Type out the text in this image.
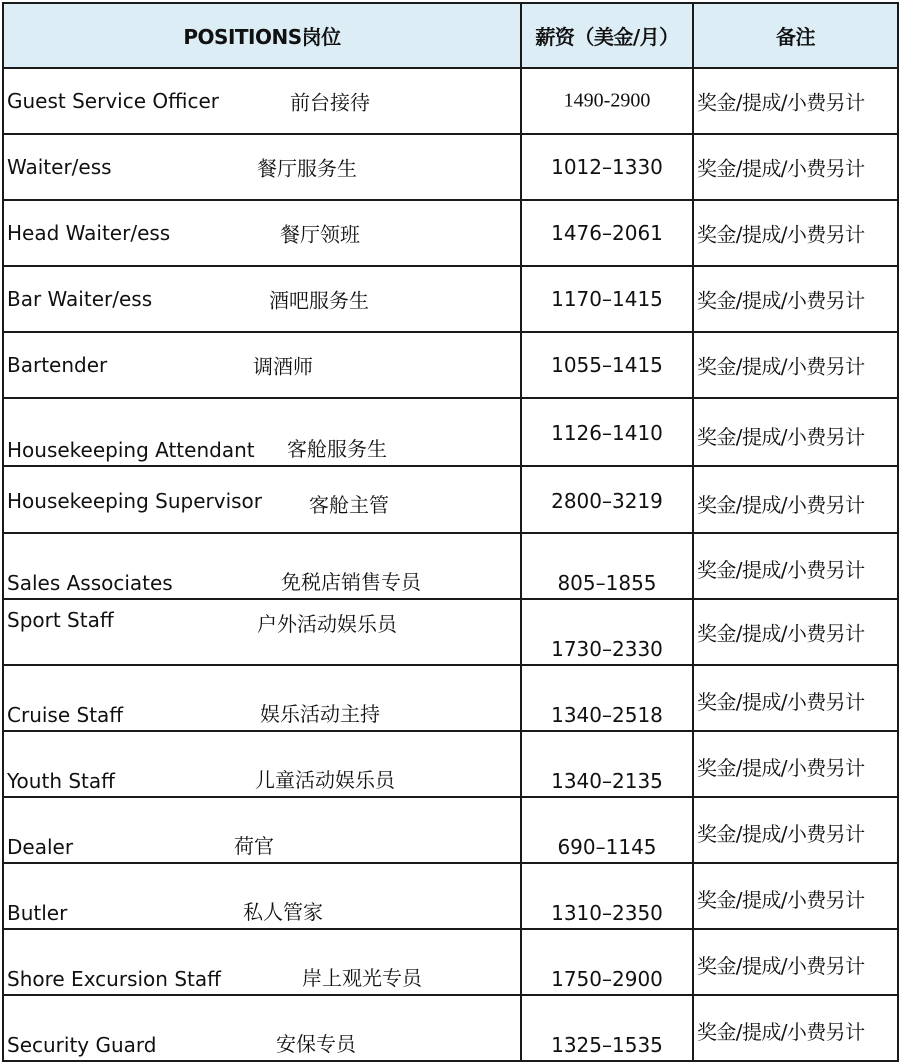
POSITIONS岗位	薪资（美金/月）	备注

Guest Service Officer 前台接待	1490-2900	奖金/提成/小费另计

Waiter/ess 餐厅服务生	1012–1330	奖金/提成/小费另计

Head Waiter/ess 餐厅领班	1476–2061	奖金/提成/小费另计

Bar Waiter/ess 酒吧服务生	1170–1415	奖金/提成/小费另计

Bartender 调酒师	1055–1415	奖金/提成/小费另计

Housekeeping Attendant 客舱服务生	1126–1410	奖金/提成/小费另计

Housekeeping Supervisor 客舱主管	2800–3219	奖金/提成/小费另计

Sales Associates 免税店销售专员	805–1855	奖金/提成/小费另计

Sport Staff 户外活动娱乐员	1730–2330	奖金/提成/小费另计

Cruise Staff 娱乐活动主持	1340–2518	奖金/提成/小费另计

Youth Staff 儿童活动娱乐员	1340–2135	奖金/提成/小费另计

Dealer 荷官	690–1145	奖金/提成/小费另计

Butler 私人管家	1310–2350	奖金/提成/小费另计

Shore Excursion Staff 岸上观光专员	1750–2900	奖金/提成/小费另计

Security Guard 安保专员	1325–1535	奖金/提成/小费另计
